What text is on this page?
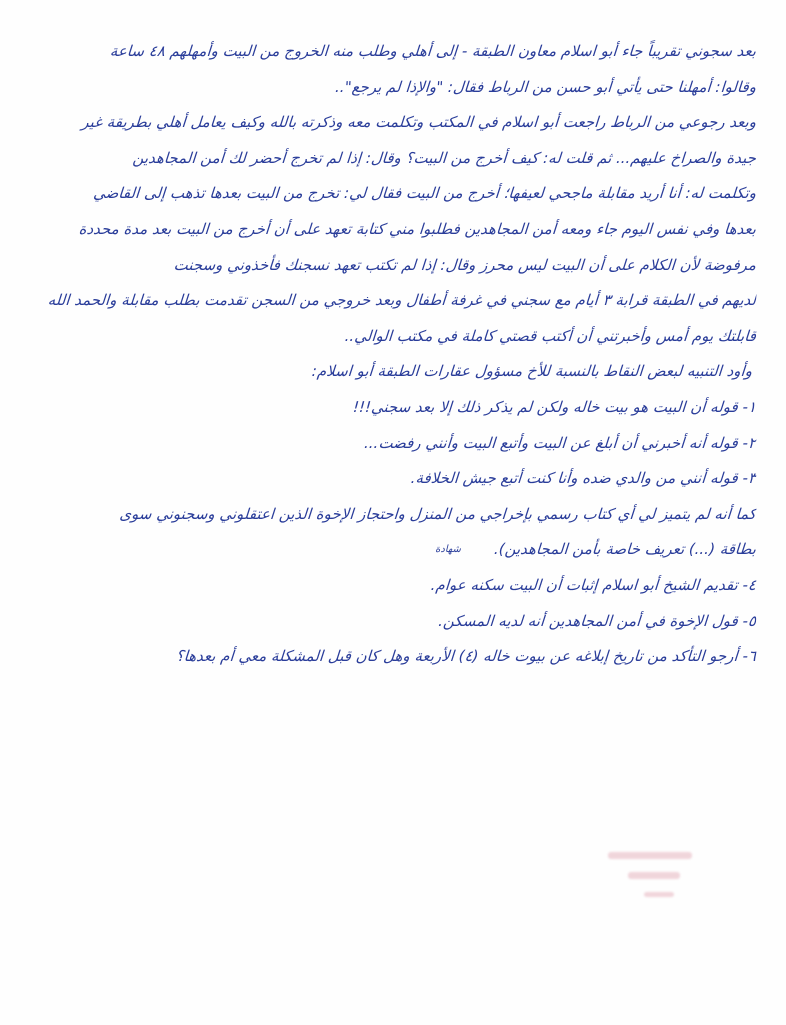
بعد سجوني تقريباً جاء أبو اسلام معاون الطبقة - إلى أهلي وطلب منه الخروج من البيت وأمهلهم ٤٨ ساعة
وقالوا: أمهلنا حتى يأتي أبو حسن من الرباط فقال: "والإذا لم يرجع"..
وبعد رجوعي من الرباط راجعت أبو اسلام في المكتب وتكلمت معه وذكرته بالله وكيف يعامل أهلي بطريقة غير
جيدة والصراخ عليهم... ثم قلت له: كيف أخرج من البيت؟ وقال: إذا لم تخرج أحضر لك أمن المجاهدين
وتكلمت له: أنا أريد مقابلة ماجحي لعيفها؛ أخرج من البيت فقال لي: تخرج من البيت بعدها تذهب إلى القاضي
بعدها وفي نفس اليوم جاء ومعه أمن المجاهدين فطلبوا مني كتابة تعهد على أن أخرج من البيت بعد مدة محددة
مرفوضة لأن الكلام على أن البيت ليس محرز وقال: إذا لم تكتب تعهد نسجنك فأخذوني وسجنت
لديهم في الطبقة قرابة ٣ أيام مع سجني في غرفة أطفال وبعد خروجي من السجن تقدمت بطلب مقابلة والحمد الله
قابلتك يوم أمس وأخبرتني أن أكتب قصتي كاملة في مكتب الوالي..
وأود التنبيه لبعض النقاط بالنسبة للأخ مسؤول عقارات الطبقة أبو اسلام:
١- قوله أن البيت هو بيت خاله ولكن لم يذكر ذلك إلا بعد سجني!!!
٢- قوله أنه أخبرني أن أبلغ عن البيت وأتبع البيت وأنني رفضت...
٣- قوله أنني من والدي ضده وأنا كنت أتبع جيش الخلافة.
كما أنه لم يتميز لي أي كتاب رسمي بإخراجي من المنزل واحتجاز الإخوة الذين اعتقلوني وسجنوني سوى
بطاقة (...) تعريف خاصة بأمن المجاهدين).
٤- تقديم الشيخ أبو اسلام إثبات أن البيت سكنه عوام.
٥- قول الإخوة في أمن المجاهدين أنه لديه المسكن.
٦- أرجو التأكد من تاريخ إبلاغه عن بيوت خاله (٤) الأربعة وهل كان قبل المشكلة معي أم بعدها؟
شهادة
